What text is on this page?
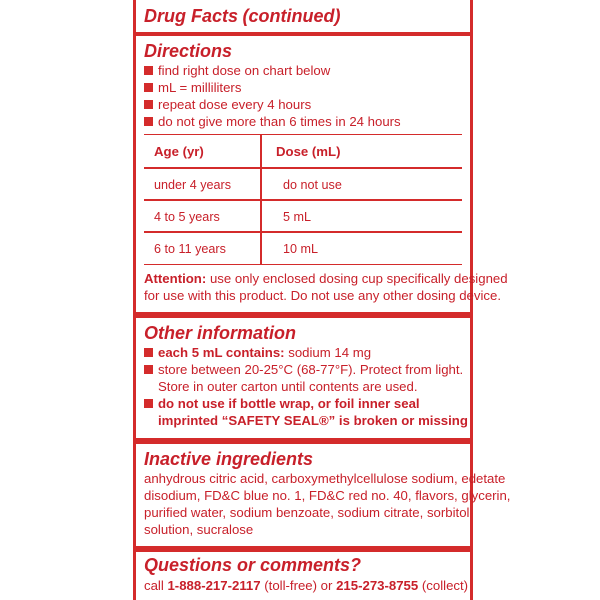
Drug Facts (continued)
Directions
find right dose on chart below
mL = milliliters
repeat dose every 4 hours
do not give more than 6 times in 24 hours
Age (yr)	Dose (mL)
under 4 years	do not use
4 to 5 years	5 mL
6 to 11 years	10 mL
Attention: use only enclosed dosing cup specifically designed
for use with this product. Do not use any other dosing device.
Other information
each 5 mL contains: sodium 14 mg
store between 20-25°C (68-77°F). Protect from light.
Store in outer carton until contents are used.
do not use if bottle wrap, or foil inner seal
imprinted “SAFETY SEAL®” is broken or missing
Inactive ingredients
anhydrous citric acid, carboxymethylcellulose sodium, edetate
disodium, FD&C blue no. 1, FD&C red no. 40, flavors, glycerin,
purified water, sodium benzoate, sodium citrate, sorbitol
solution, sucralose
Questions or comments?
call 1-888-217-2117 (toll-free) or 215-273-8755 (collect)
